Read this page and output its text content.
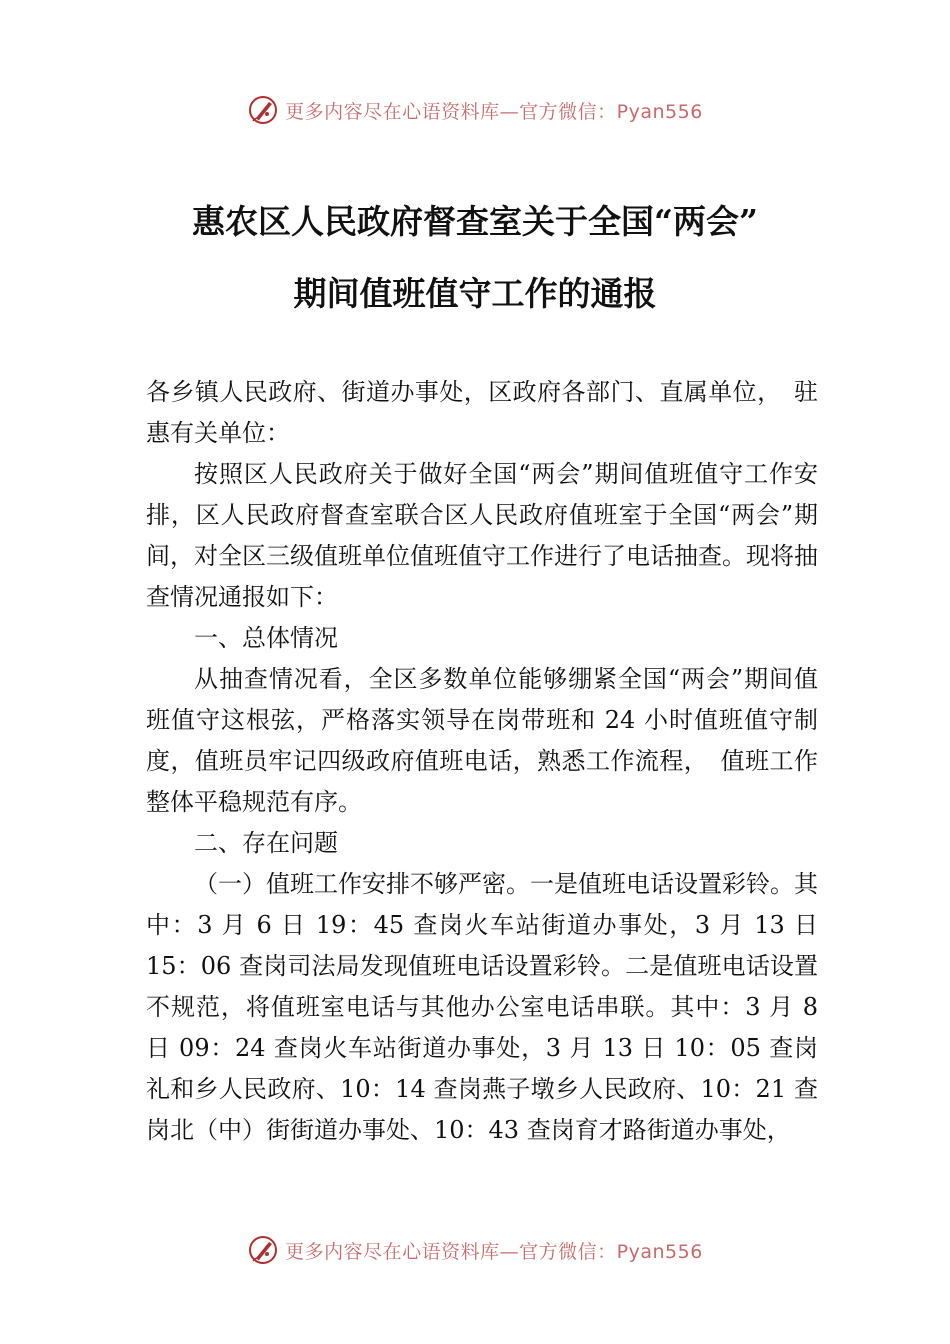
更多内容尽在心语资料库—官方微信：Pyan556
惠农区人民政府督查室关于全国“两会”
期间值班值守工作的通报

各乡镇人民政府、街道办事处，区政府各部门、直属单位，　驻惠有关单位：

按照区人民政府关于做好全国“两会”期间值班值守工作安排，区人民政府督查室联合区人民政府值班室于全国“两会”期间，对全区三级值班单位值班值守工作进行了电话抽查。现将抽查情况通报如下：

一、总体情况

从抽查情况看，全区多数单位能够绷紧全国“两会”期间值班值守这根弦，严格落实领导在岗带班和 24 小时值班值守制度，值班员牢记四级政府值班电话，熟悉工作流程，　值班工作整体平稳规范有序。

二、存在问题

（一）值班工作安排不够严密。一是值班电话设置彩铃。其中：3 月 6 日 19：45 查岗火车站街道办事处，3 月 13 日15：06 查岗司法局发现值班电话设置彩铃。二是值班电话设置不规范，将值班室电话与其他办公室电话串联。其中：3 月 8 日 09：24 查岗火车站街道办事处，3 月 13 日 10：05 查岗礼和乡人民政府、10：14 查岗燕子墩乡人民政府、10：21 查岗北（中）街街道办事处、10：43 查岗育才路街道办事处，

更多内容尽在心语资料库—官方微信：Pyan556
